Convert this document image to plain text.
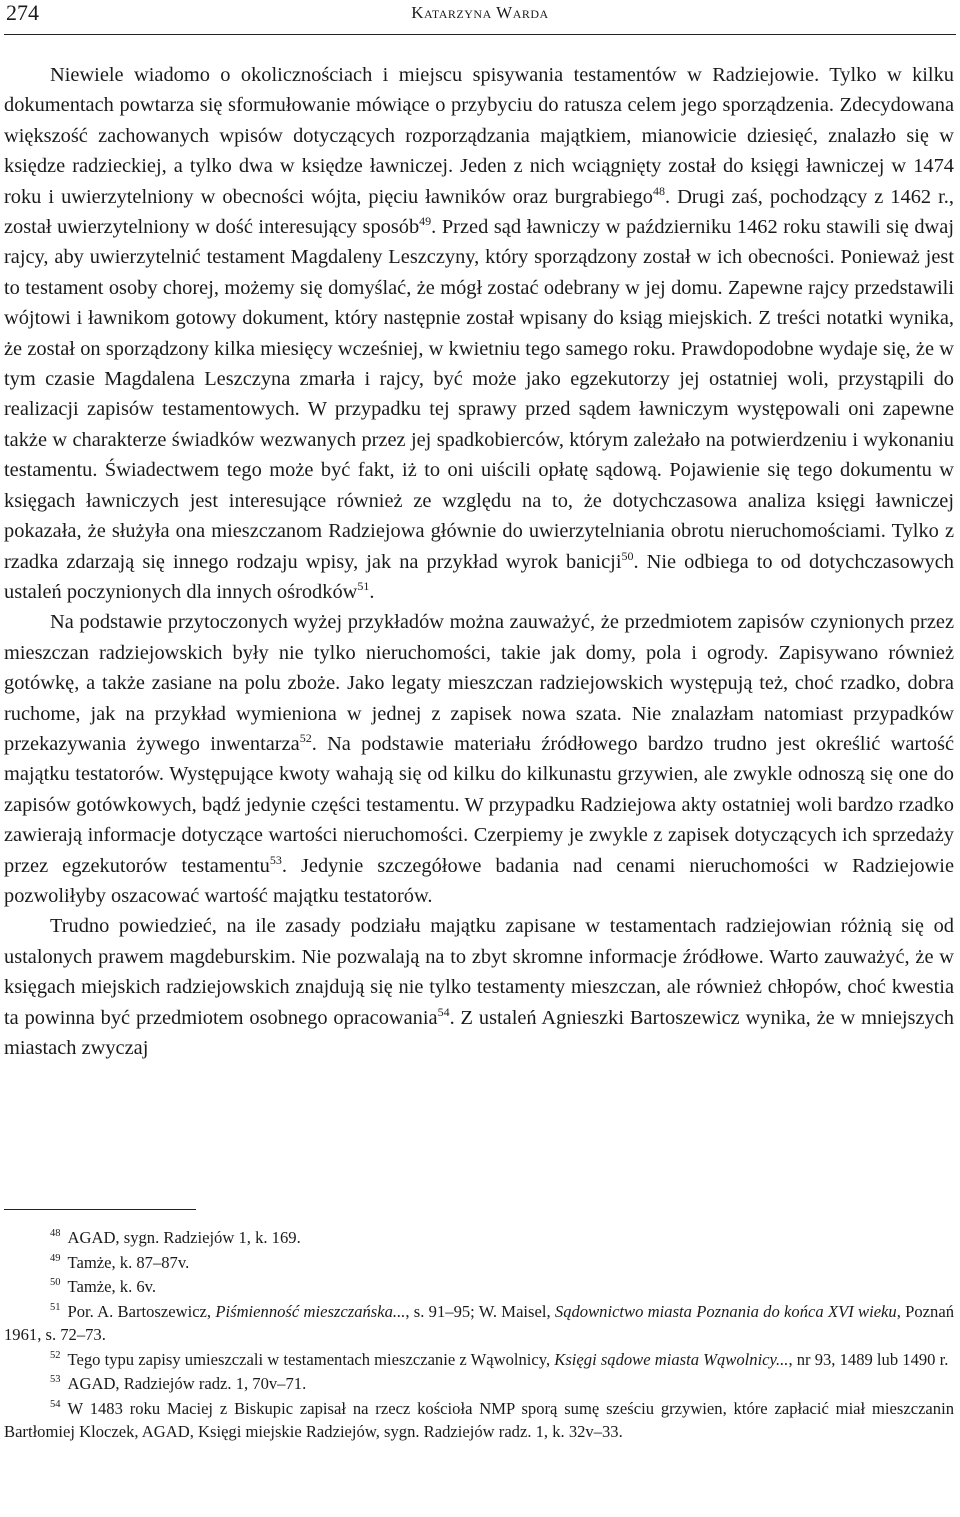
274	Katarzyna Warda

Niewiele wiadomo o okolicznościach i miejscu spisywania testamentów w Radziejowie. Tylko w kilku dokumentach powtarza się sformułowanie mówiące o przybyciu do ratusza celem jego sporządzenia. Zdecydowana większość zachowanych wpisów dotyczących rozporządzania majątkiem, mianowicie dziesięć, znalazło się w księdze radzieckiej, a tylko dwa w księdze ławniczej. Jeden z nich wciągnięty został do księgi ławniczej w 1474 roku i uwierzytelniony w obecności wójta, pięciu ławników oraz burgrabiego$^{48}$. Drugi zaś, pochodzący z 1462 r., został uwierzytelniony w dość interesujący sposób$^{49}$. Przed sąd ławniczy w październiku 1462 roku stawili się dwaj rajcy, aby uwierzytelnić testament Magdaleny Leszczyny, który sporządzony został w ich obecności. Ponieważ jest to testament osoby chorej, możemy się domyślać, że mógł zostać odebrany w jej domu. Zapewne rajcy przedstawili wójtowi i ławnikom gotowy dokument, który następnie został wpisany do ksiąg miejskich. Z treści notatki wynika, że został on sporządzony kilka miesięcy wcześniej, w kwietniu tego samego roku. Prawdopodobne wydaje się, że w tym czasie Magdalena Leszczyna zmarła i rajcy, być może jako egzekutorzy jej ostatniej woli, przystąpili do realizacji zapisów testamentowych. W przypadku tej sprawy przed sądem ławniczym występowali oni zapewne także w charakterze świadków wezwanych przez jej spadkobierców, którym zależało na potwierdzeniu i wykonaniu testamentu. Świadectwem tego może być fakt, iż to oni uiścili opłatę sądową. Pojawienie się tego dokumentu w księgach ławniczych jest interesujące również ze względu na to, że dotychczasowa analiza księgi ławniczej pokazała, że służyła ona mieszczanom Radziejowa głównie do uwierzytelniania obrotu nieruchomościami. Tylko z rzadka zdarzają się innego rodzaju wpisy, jak na przykład wyrok banicji$^{50}$. Nie odbiega to od dotychczasowych ustaleń poczynionych dla innych ośrodków$^{51}$.

Na podstawie przytoczonych wyżej przykładów można zauważyć, że przedmiotem zapisów czynionych przez mieszczan radziejowskich były nie tylko nieruchomości, takie jak domy, pola i ogrody. Zapisywano również gotówkę, a także zasiane na polu zboże. Jako legaty mieszczan radziejowskich występują też, choć rzadko, dobra ruchome, jak na przykład wymieniona w jednej z zapisek nowa szata. Nie znalazłam natomiast przypadków przekazywania żywego inwentarza$^{52}$. Na podstawie materiału źródłowego bardzo trudno jest określić wartość majątku testatorów. Występujące kwoty wahają się od kilku do kilkunastu grzywien, ale zwykle odnoszą się one do zapisów gotówkowych, bądź jedynie części testamentu. W przypadku Radziejowa akty ostatniej woli bardzo rzadko zawierają informacje dotyczące wartości nieruchomości. Czerpiemy je zwykle z zapisek dotyczących ich sprzedaży przez egzekutorów testamentu$^{53}$. Jedynie szczegółowe badania nad cenami nieruchomości w Radziejowie pozwoliłyby oszacować wartość majątku testatorów.

Trudno powiedzieć, na ile zasady podziału majątku zapisane w testamentach radziejowian różnią się od ustalonych prawem magdeburskim. Nie pozwalają na to zbyt skromne informacje źródłowe. Warto zauważyć, że w księgach miejskich radziejowskich znajdują się nie tylko testamenty mieszczan, ale również chłopów, choć kwestia ta powinna być przedmiotem osobnego opracowania$^{54}$. Z ustaleń Agnieszki Bartoszewicz wynika, że w mniejszych miastach zwyczaj

$^{48}$ AGAD, sygn. Radziejów 1, k. 169.

$^{49}$ Tamże, k. 87–87v.

$^{50}$ Tamże, k. 6v.

$^{51}$ Por. A. Bartoszewicz, Piśmienność mieszczańska..., s. 91–95; W. Maisel, Sądownictwo miasta Poznania do końca XVI wieku, Poznań 1961, s. 72–73.

$^{52}$ Tego typu zapisy umieszczali w testamentach mieszczanie z Wąwolnicy, Księgi sądowe miasta Wąwolnicy..., nr 93, 1489 lub 1490 r.

$^{53}$ AGAD, Radziejów radz. 1, 70v–71.

$^{54}$ W 1483 roku Maciej z Biskupic zapisał na rzecz kościoła NMP sporą sumę sześciu grzywien, które zapłacić miał mieszczanin Bartłomiej Kloczek, AGAD, Księgi miejskie Radziejów, sygn. Radziejów radz. 1, k. 32v–33.
